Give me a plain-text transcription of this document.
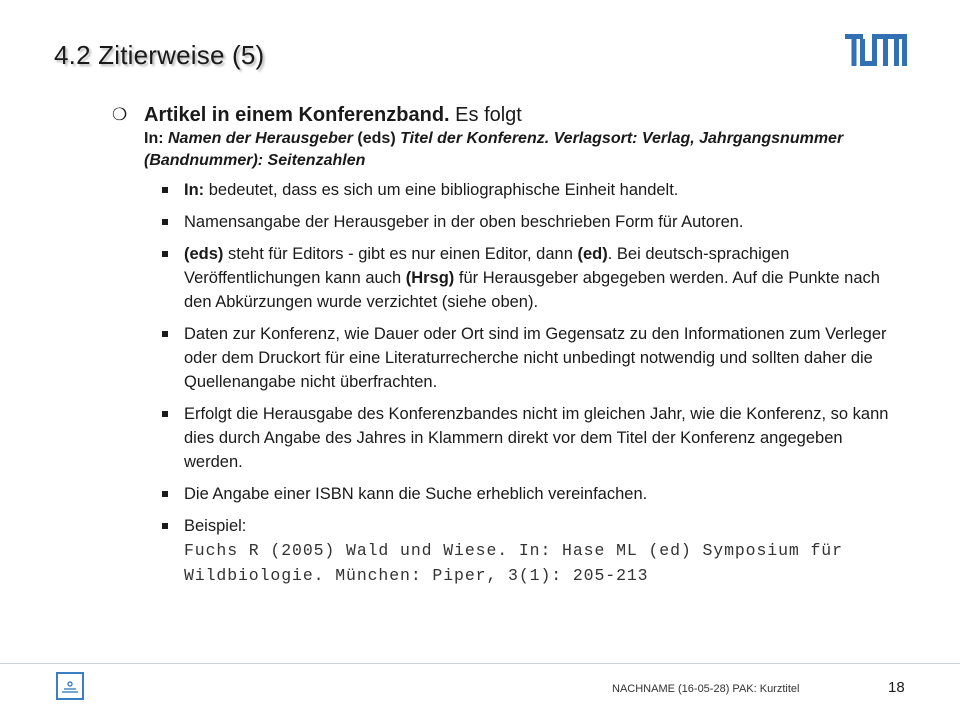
4.2 Zitierweise (5)
❍ Artikel in einem Konferenzband. Es folgt
In: Namen der Herausgeber (eds) Titel der Konferenz. Verlagsort: Verlag, Jahrgangsnummer (Bandnummer): Seitenzahlen
In: bedeutet, dass es sich um eine bibliographische Einheit handelt.
Namensangabe der Herausgeber in der oben beschrieben Form für Autoren.
(eds) steht für Editors - gibt es nur einen Editor, dann (ed). Bei deutsch-sprachigen Veröffentlichungen kann auch (Hrsg) für Herausgeber abgegeben werden. Auf die Punkte nach den Abkürzungen wurde verzichtet (siehe oben).
Daten zur Konferenz, wie Dauer oder Ort sind im Gegensatz zu den Informationen zum Verleger oder dem Druckort für eine Literaturrecherche nicht unbedingt notwendig und sollten daher die Quellenangabe nicht überfrachten.
Erfolgt die Herausgabe des Konferenzbandes nicht im gleichen Jahr, wie die Konferenz, so kann dies durch Angabe des Jahres in Klammern direkt vor dem Titel der Konferenz angegeben werden.
Die Angabe einer ISBN kann die Suche erheblich vereinfachen.
Beispiel:
Fuchs R (2005) Wald und Wiese. In: Hase ML (ed) Symposium für Wildbiologie. München: Piper, 3(1): 205-213
NACHNAME (16-05-28) PAK: Kurztitel	18
